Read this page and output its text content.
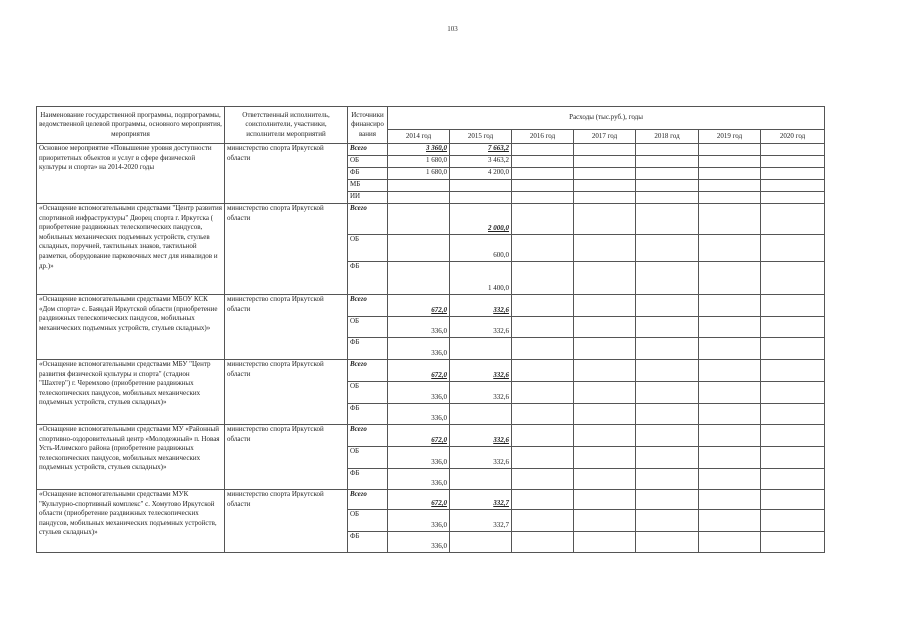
103
Наименование государственной программы, подпрограммы, ведомственной целевой программы, основного мероприятия, мероприятия	Ответственный исполнитель, соисполнители, участники, исполнители мероприятий	Источники финансирования	Расходы (тыс.руб.), годы						
			2014 год	2015 год	2016 год	2017 год	2018 год	2019 год	2020 год
Основное мероприятие «Повышение уровня доступности приоритетных объектов и услуг в сфере физической культуры и спорта» на 2014-2020 годы	министерство спорта Иркутской области	Всего	3 360,0	7 663,2					
		ОБ	1 680,0	3 463,2					
		ФБ	1 680,0	4 200,0					
		МБ							
		ИИ							
«Оснащение вспомогательными средствами "Центр развития спортивной инфраструктуры" Дворец спорта г. Иркутска ( приобретение раздвижных телескопических пандусов, мобильных механических подъемных устройств, стульев складных, поручней, тактильных знаков, тактильной разметки, оборудование парковочных мест для инвалидов и др.)»	министерство спорта Иркутской области	Всего		2 000,0					
		ОБ		600,0					
		ФБ		1 400,0					
«Оснащение вспомогательными средствами МБОУ КСК «Дом спорта» с. Баяндай Иркутской области (приобретение раздвижных телескопических пандусов, мобильных механических подъемных устройств, стульев складных)»	министерство спорта Иркутской области	Всего	672,0	332,6					
		ОБ	336,0	332,6					
		ФБ	336,0						
«Оснащение вспомогательными средствами МБУ "Центр развития физической культуры и спорта" (стадион "Шахтер") г. Черемхово (приобретение раздвижных телескопических пандусов, мобильных механических подъемных устройств, стульев складных)»	министерство спорта Иркутской области	Всего	672,0	332,6					
		ОБ	336,0	332,6					
		ФБ	336,0						
«Оснащение вспомогательными средствами МУ «Районный спортивно-оздоровительный центр «Молодежный» п. Новая Усть-Илимского района (приобретение раздвижных телескопических пандусов, мобильных механических подъемных устройств, стульев складных)»	министерство спорта Иркутской области	Всего	672,0	332,6					
		ОБ	336,0	332,6					
		ФБ	336,0						
«Оснащение вспомогательными средствами МУК "Культурно-спортивный комплекс" с. Хомутово Иркутской области (приобретение раздвижных телескопических пандусов, мобильных механических подъемных устройств, стульев складных)»	министерство спорта Иркутской области	Всего	672,0	332,7					
		ОБ	336,0	332,7					
		ФБ	336,0						
